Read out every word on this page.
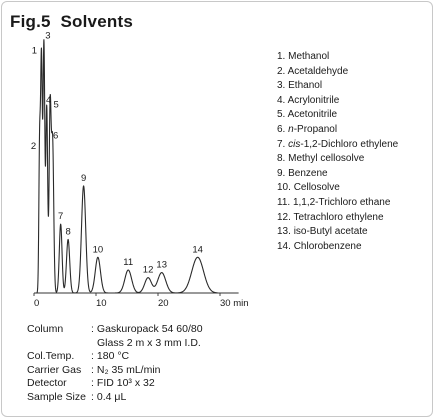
Fig.5  Solvents
0	10	20	30 min
1
2
3
4 5
6
7
8
9
10
11
12 13
14
1. Methanol
2. Acetaldehyde
3. Ethanol
4. Acrylonitrile
5. Acetonitrile
6. n-Propanol
7. cis-1,2-Dichloro ethylene
8. Methyl cellosolve
9. Benzene
10. Cellosolve
11. 1,1,2-Trichloro ethane
12. Tetrachloro ethylene
13. iso-Butyl acetate
14. Chlorobenzene
Column	: Gaskuropack 54 60/80
Glass 2 m x 3 mm I.D.
Col.Temp.	: 180 °C
Carrier Gas	: N₂ 35 mL/min
Detector	: FID 10³ x 32
Sample Size	: 0.4 μL
